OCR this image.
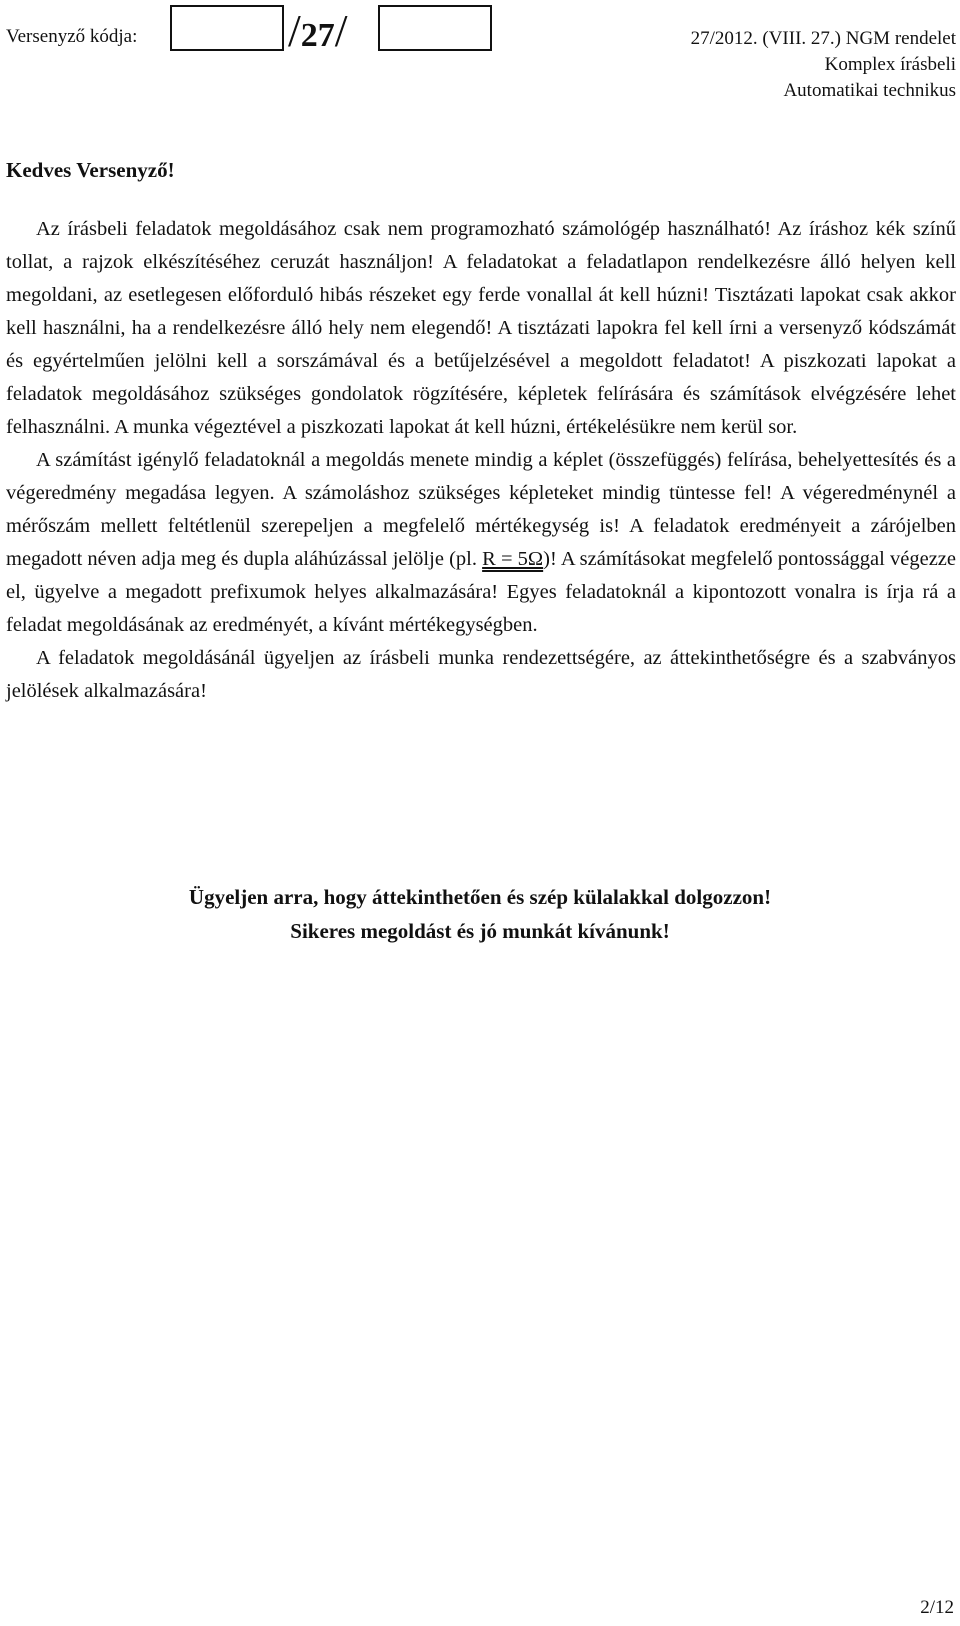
Versenyző kódja:	/27/	27/2012. (VIII. 27.) NGM rendelet
Komplex írásbeli
Automatikai technikus
Kedves Versenyző!

Az írásbeli feladatok megoldásához csak nem programozható számológép használható! Az íráshoz kék színű tollat, a rajzok elkészítéséhez ceruzát használjon! A feladatokat a feladatlapon rendelkezésre álló helyen kell megoldani, az esetlegesen előforduló hibás részeket egy ferde vonallal át kell húzni! Tisztázati lapokat csak akkor kell használni, ha a rendelkezésre álló hely nem elegendő! A tisztázati lapokra fel kell írni a versenyző kódszámát és egyértelműen jelölni kell a sorszámával és a betűjelzésével a megoldott feladatot! A piszkozati lapokat a feladatok megoldásához szükséges gondolatok rögzítésére, képletek felírására és számítások elvégzésére lehet felhasználni. A munka végeztével a piszkozati lapokat át kell húzni, értékelésükre nem kerül sor.

A számítást igénylő feladatoknál a megoldás menete mindig a képlet (összefüggés) felírása, behelyettesítés és a végeredmény megadása legyen. A számoláshoz szükséges képleteket mindig tüntesse fel! A végeredménynél a mérőszám mellett feltétlenül szerepeljen a megfelelő mértékegység is! A feladatok eredményeit a zárójelben megadott néven adja meg és dupla aláhúzással jelölje (pl. R = 5Ω)! A számításokat megfelelő pontossággal végezze el, ügyelve a megadott prefixumok helyes alkalmazására! Egyes feladatoknál a kipontozott vonalra is írja rá a feladat megoldásának az eredményét, a kívánt mértékegységben.

A feladatok megoldásánál ügyeljen az írásbeli munka rendezettségére, az áttekinthetőségre és a szabványos jelölések alkalmazására!

Ügyeljen arra, hogy áttekinthetően és szép külalakkal dolgozzon!
Sikeres megoldást és jó munkát kívánunk!
2/12
